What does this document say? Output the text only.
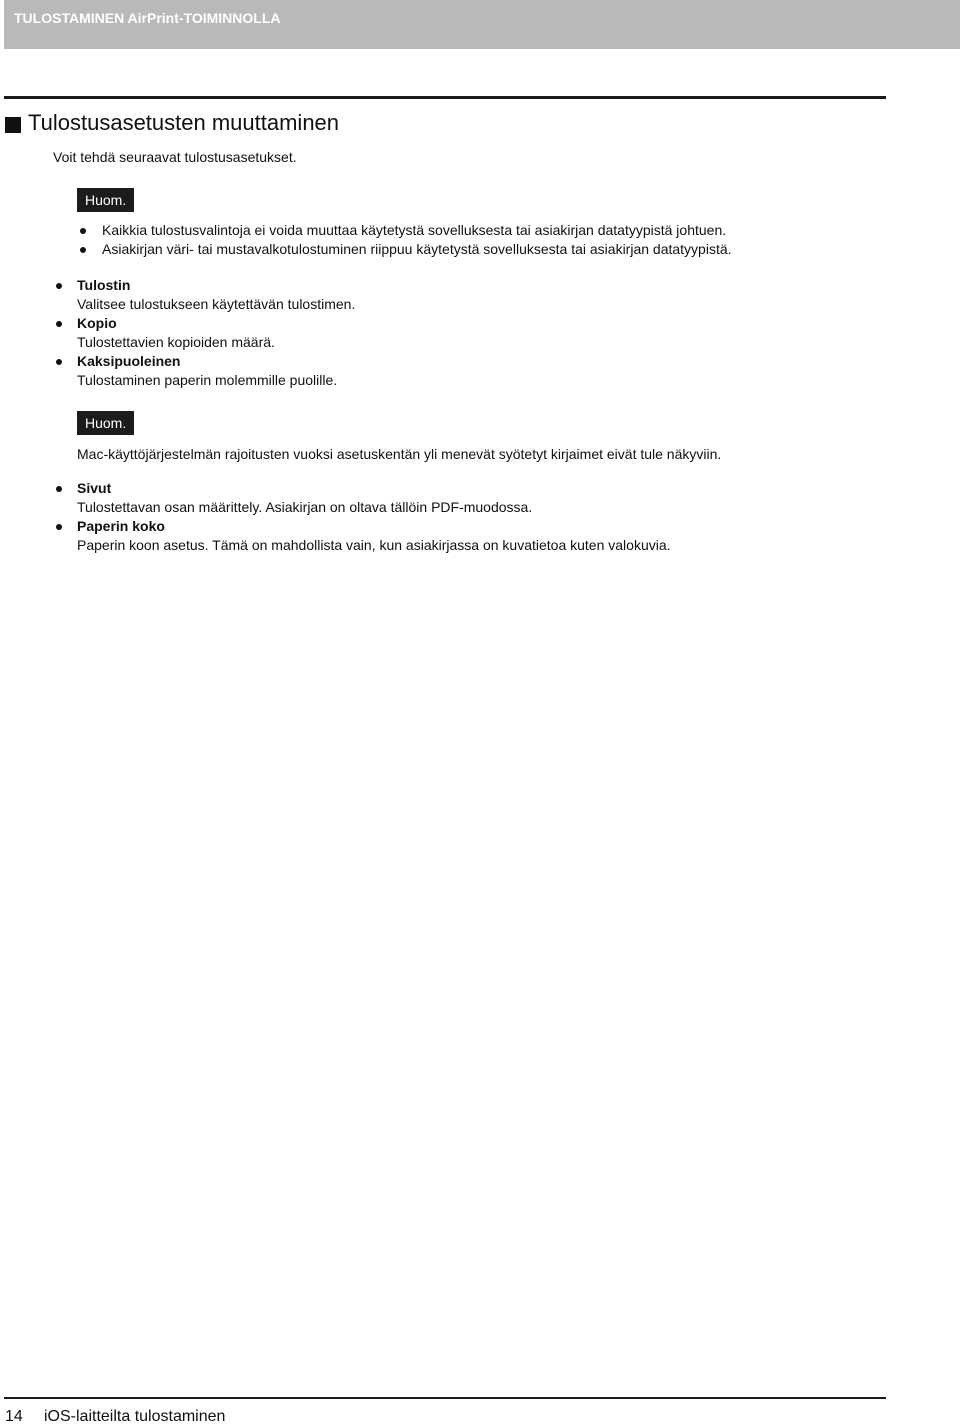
TULOSTAMINEN AirPrint-TOIMINNOLLA
Tulostusasetusten muuttaminen
Voit tehdä seuraavat tulostusasetukset.
Huom.
Kaikkia tulostusvalintoja ei voida muuttaa käytetystä sovelluksesta tai asiakirjan datatyypistä johtuen.
Asiakirjan väri- tai mustavalkotulostuminen riippuu käytetystä sovelluksesta tai asiakirjan datatyypistä.
Tulostin
Valitsee tulostukseen käytettävän tulostimen.
Kopio
Tulostettavien kopioiden määrä.
Kaksipuoleinen
Tulostaminen paperin molemmille puolille.
Huom.
Mac-käyttöjärjestelmän rajoitusten vuoksi asetuskentän yli menevät syötetyt kirjaimet eivät tule näkyviin.
Sivut
Tulostettavan osan määrittely. Asiakirjan on oltava tällöin PDF-muodossa.
Paperin koko
Paperin koon asetus. Tämä on mahdollista vain, kun asiakirjassa on kuvatietoa kuten valokuvia.
14 iOS-laitteilta tulostaminen
